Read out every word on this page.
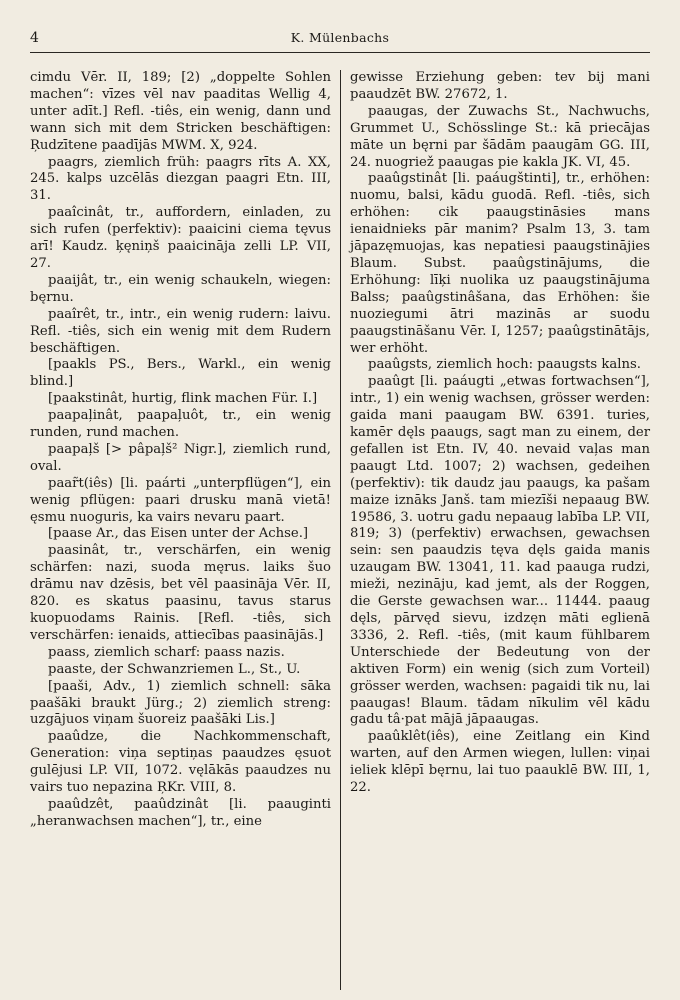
4	K. Mülenbachs

cimdu Vēr. II, 189; [2) „doppelte Sohlen machen“: vīzes vēl nav paaditas Wellig 4, unter adīt.] Refl. -tiês, ein wenig, dann und wann sich mit dem Stricken beschäftigen: Ŗudzītene paadījās MWM. X, 924.

paagrs, ziemlich früh: paagrs rīts A. XX, 245. kalps uzcēlās diezgan paagri Etn. III, 31.

paaîcinât, tr., auffordern, einladen, zu sich rufen (perfektiv): paaicini ciema tęvus arī! Kaudz. ķęniņš paaicināja zelli LP. VII, 27.

paaijât, tr., ein wenig schaukeln, wiegen: bęrnu.

paaîrêt, tr., intr., ein wenig rudern: laivu. Refl. -tiês, sich ein wenig mit dem Rudern beschäftigen.

[paakls PS., Bers., Warkl., ein wenig blind.]

[paakstinât, hurtig, flink machen Für. I.]

paapaļinât, paapaļuôt, tr., ein wenig runden, rund machen.

paapaļš [> pâpaļš² Nigr.], ziemlich rund, oval.

paar̃t(iês) [li. paárti „unterpflügen“], ein wenig pflügen: paari drusku manā vietā! ęsmu nuoguris, ka vairs nevaru paart.

[paase Ar., das Eisen unter der Achse.]

paasinât, tr., verschärfen, ein wenig schärfen: nazi, suoda męrus. laiks šuo drāmu nav dzēsis, bet vēl paasināja Vēr. II, 820. es skatus paasinu, tavus starus kuopuodams Rainis. [Refl. -tiês, sich verschärfen: ienaids, attiecības paasinājās.]

paass, ziemlich scharf: paass nazis.

paaste, der Schwanzriemen L., St., U.

[paaši, Adv., 1) ziemlich schnell: sāka paašāki braukt Jürg.; 2) ziemlich streng: uzgājuos viņam šuoreiz paašāki Lis.]

paaûdze, die Nachkommenschaft, Generation: viņa septiņas paaudzes ęsuot gulējusi LP. VII, 1072. vęlākās paaudzes nu vairs tuo nepazina ŖKr. VIII, 8.

paaûdzêt, paaûdzinât [li. paauginti „heranwachsen machen“], tr., eine

gewisse Erziehung geben: tev bij mani paaudzēt BW. 27672, 1.

paaugas, der Zuwachs St., Nachwuchs, Grummet U., Schösslinge St.: kā priecājas māte un bęrni par šādām paaugām GG. III, 24. nuogriež paaugas pie kakla JK. VI, 45.

paaûgstinât [li. paáugštinti], tr., erhöhen: nuomu, balsi, kādu guodā. Refl. -tiês, sich erhöhen: cik paaugstināsies mans ienaidnieks pār manim? Psalm 13, 3. tam jāpazęmuojas, kas nepatiesi paaugstinājies Blaum. Subst. paaûgstinājums, die Erhöhung: līķi nuolika uz paaugstinājuma Balss; paaûgstinâšana, das Erhöhen: šie nuoziegumi ātri mazinās ar suodu paaugstināšanu Vēr. I, 1257; paaûgstinātājs, wer erhöht.

paaûgsts, ziemlich hoch: paaugsts kalns.

paaûgt [li. paáugti „etwas fortwachsen“], intr., 1) ein wenig wachsen, grösser werden: gaida mani paaugam BW. 6391. turies, kamēr dęls paaugs, sagt man zu einem, der gefallen ist Etn. IV, 40. nevaid vaļas man paaugt Ltd. 1007; 2) wachsen, gedeihen (perfektiv): tik daudz jau paaugs, ka pašam maize iznāks Janš. tam miezīši nepaaug BW. 19586, 3. uotru gadu nepaaug labība LP. VII, 819; 3) (perfektiv) erwachsen, gewachsen sein: sen paaudzis tęva dęls gaida manis uzaugam BW. 13041, 11. kad paauga rudzi, mieži, nezināju, kad jemt, als der Roggen, die Gerste gewachsen war... 11444. paaug dęls, pārvęd sievu, izdzęn māti eglienā 3336, 2. Refl. -tiês, (mit kaum fühlbarem Unterschiede der Bedeutung von der aktiven Form) ein wenig (sich zum Vorteil) grösser werden, wachsen: pagaidi tik nu, lai paaugas! Blaum. tādam nīkulim vēl kādu gadu tâ·pat mājā jāpaaugas.

paaûklêt(iês), eine Zeitlang ein Kind warten, auf den Armen wiegen, lullen: viņai ieliek klēpī bęrnu, lai tuo paauklē BW. III, 1, 22.
